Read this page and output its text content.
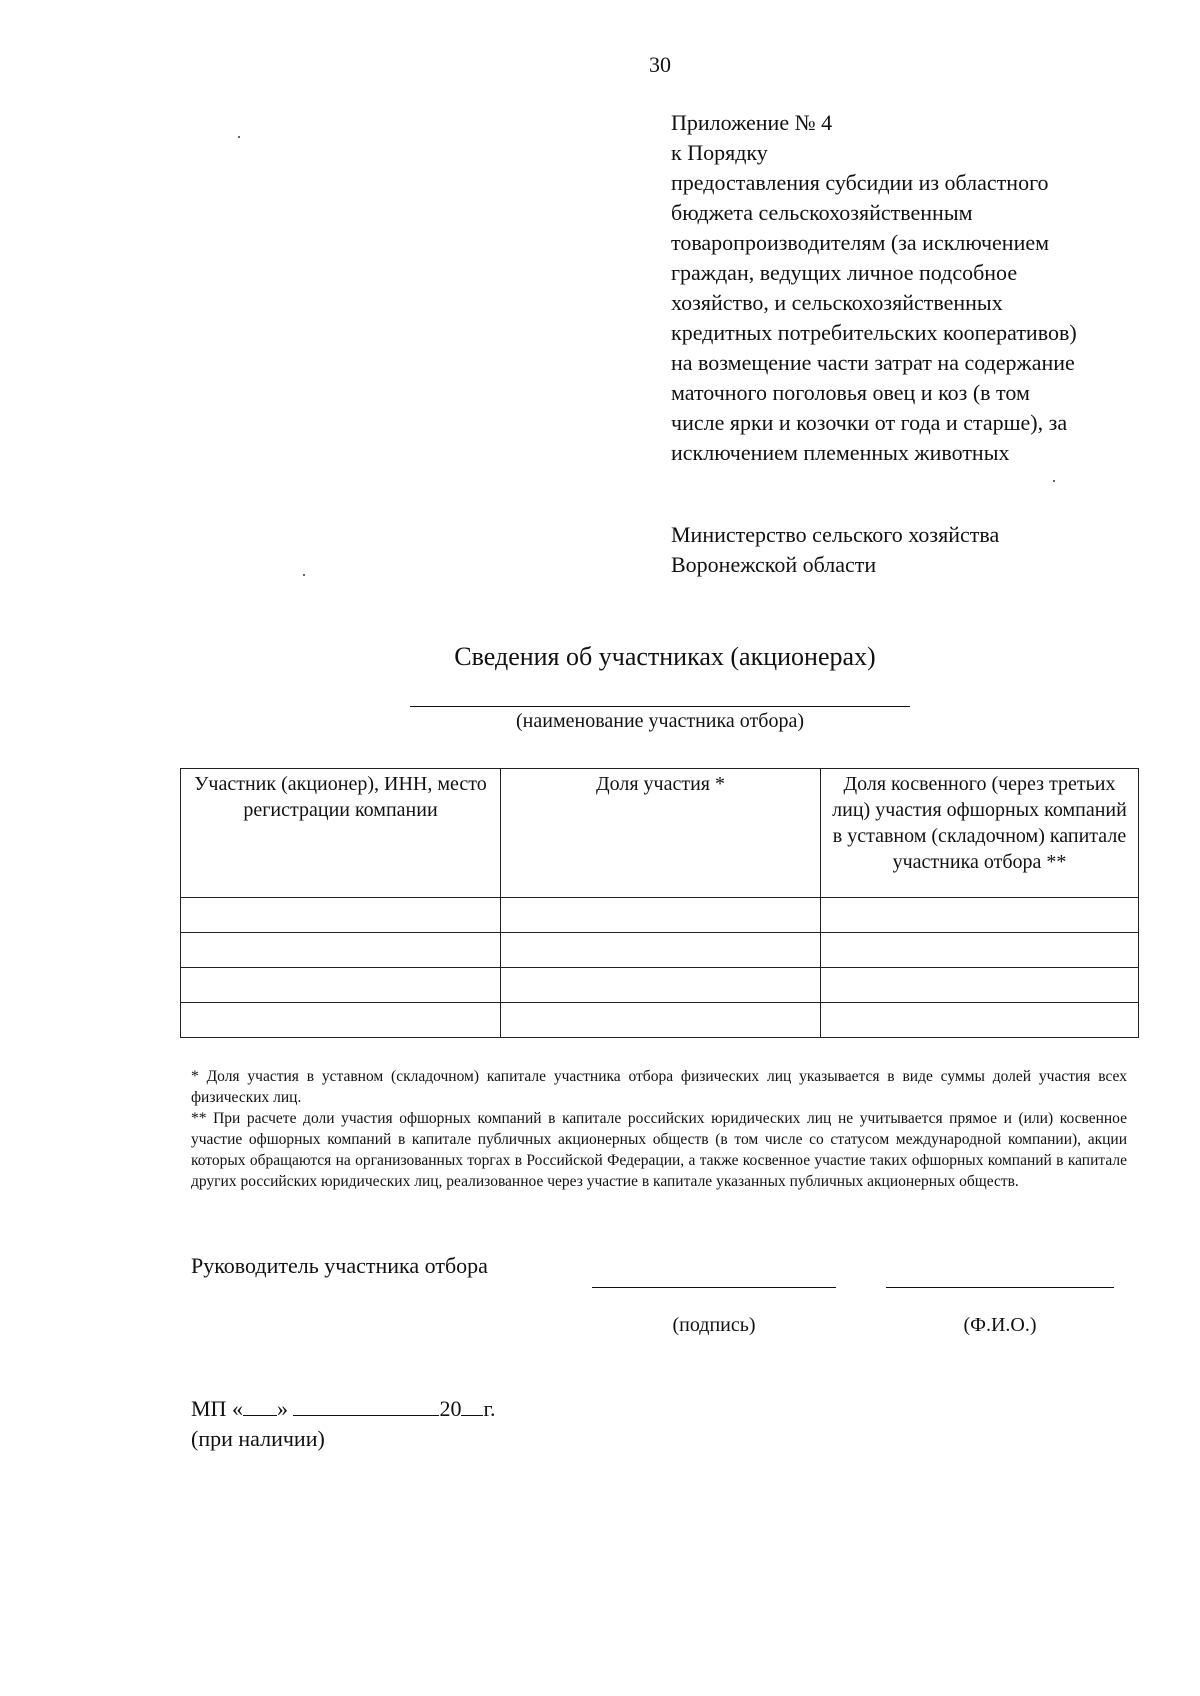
30
Приложение № 4
к Порядку
предоставления субсидии из областного
бюджета сельскохозяйственным
товаропроизводителям (за исключением
граждан, ведущих личное подсобное
хозяйство, и сельскохозяйственных
кредитных потребительских кооперативов)
на возмещение части затрат на содержание
маточного поголовья овец и коз (в том
числе ярки и козочки от года и старше), за
исключением племенных животных
Министерство сельского хозяйства
Воронежской области
Сведения об участниках (акционерах)
(наименование участника отбора)
Участник (акционер), ИНН, место регистрации компании	Доля участия *	Доля косвенного (через третьих лиц) участия офшорных компаний в уставном (складочном) капитале участника отбора **

* Доля участия в уставном (складочном) капитале участника отбора физических лиц указывается в виде суммы долей участия всех физических лиц.

** При расчете доли участия офшорных компаний в капитале российских юридических лиц не учитывается прямое и (или) косвенное участие офшорных компаний в капитале публичных акционерных обществ (в том числе со статусом международной компании), акции которых обращаются на организованных торгах в Российской Федерации, а также косвенное участие таких офшорных компаний в капитале других российских юридических лиц, реализованное через участие в капитале указанных публичных акционерных обществ.

Руководитель участника отбора
(подпись)	(Ф.И.О.)
МП « »	20 г.
(при наличии)
